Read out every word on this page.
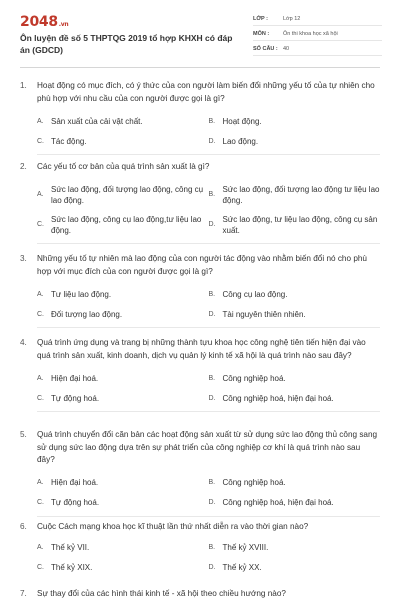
2048.vn
Ôn luyện đề số 5 THPTQG 2019 tổ hợp KHXH có đáp án (GDCD)
LỚP :	Lớp 12
MÔN :	Ôn thi khoa học xã hội
SỐ CÂU : 40
1.	Hoạt động có mục đích, có ý thức của con người làm biến đổi những yếu tố của tự nhiên cho phù hợp với nhu cầu của con người được gọi là gì?
A. Sản xuất của cải vật chất.	B. Hoạt động.
C. Tác động.	D. Lao động.
2.	Các yếu tố cơ bản của quá trình sản xuất là gì?
A.
Sức lao động, đối tượng lao động, công cụ lao động.
B.
Sức lao động, đối tượng lao động tư liệu lao động.
C.
Sức lao động, công cụ lao động,tư liệu lao động.
D.
Sức lao động, tư liệu lao động, công cụ sản xuất.
3.	Những yếu tố tự nhiên mà lao động của con người tác động vào nhằm biến đổi nó cho phù hợp với mục đích của con người được gọi là gì?
A. Tư liệu lao động.	B. Công cụ lao động.
C. Đối tượng lao động.	D. Tài nguyên thiên nhiên.
4.	Quá trình ứng dụng và trang bị những thành tựu khoa học công nghệ tiên tiến hiện đại vào quá trình sản xuất, kinh doanh, dịch vụ quản lý kinh tế xã hội là quá trình nào sau đây?
A. Hiện đại hoá.	B. Công nghiệp hoá.
C. Tự động hoá.	D. Công nghiệp hoá, hiện đại hoá.
5.	Quá trình chuyển đổi căn bản các hoạt động sản xuất từ sử dụng sức lao động thủ công sang sử dụng sức lao động dựa trên sự phát triển của công nghiệp cơ khí là quá trình nào sau đây?
A. Hiện đại hoá.	B. Công nghiệp hoá.
C. Tự động hoá.	D. Công nghiệp hoá, hiện đại hoá.
6.	Cuộc Cách mạng khoa học kĩ thuật lần thứ nhất diễn ra vào thời gian nào?
A. Thế kỷ VII.	B. Thế kỷ XVIII.
C. Thế kỷ XIX.	D. Thế kỷ XX.
7.	Sự thay đổi của các hình thái kinh tế - xã hội theo chiều hướng nào?
